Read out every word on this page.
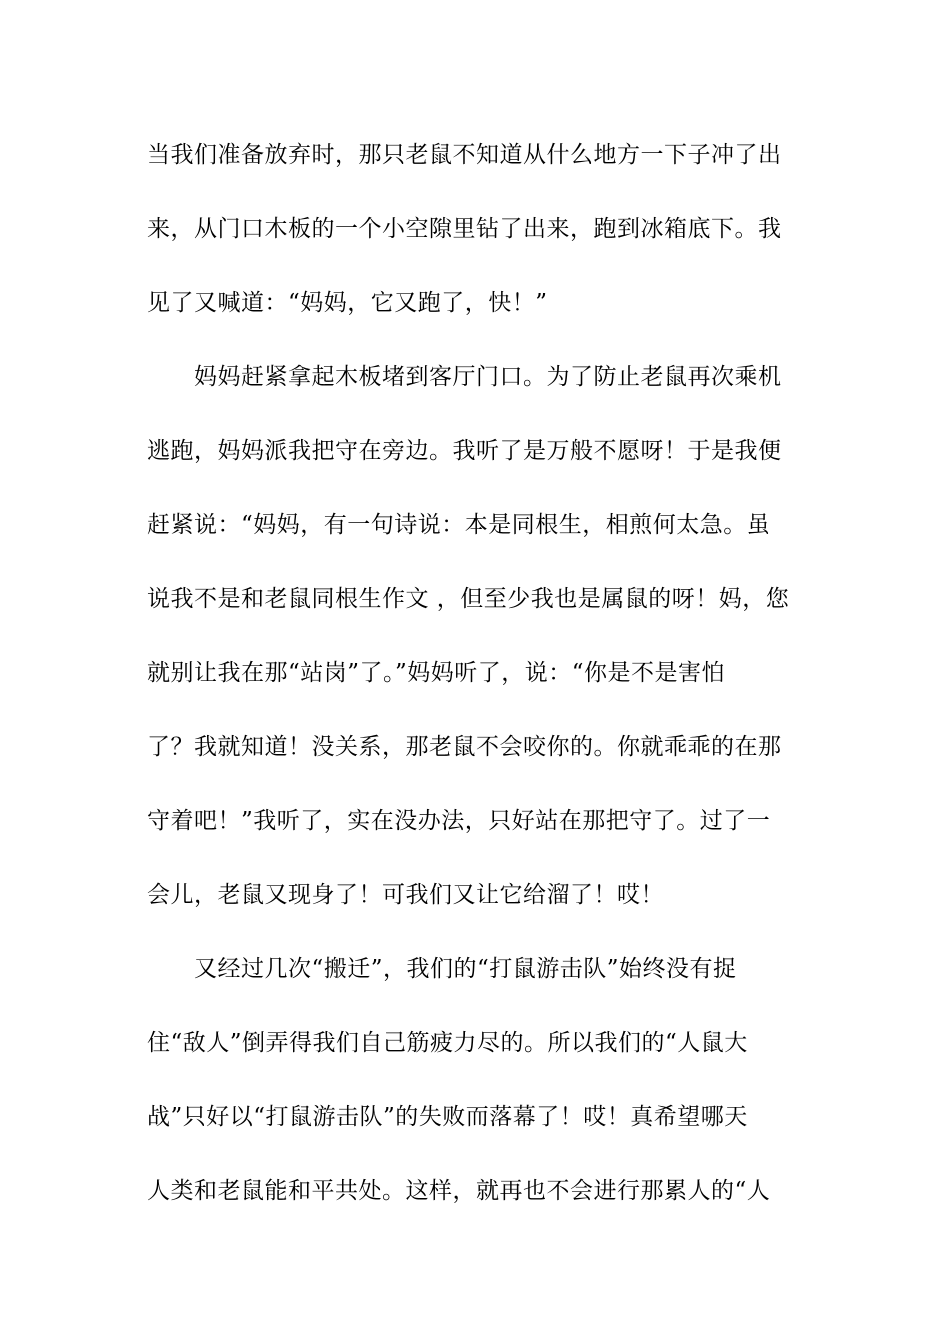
当我们准备放弃时，那只老鼠不知道从什么地方一下子冲了出
来，从门口木板的一个小空隙里钻了出来，跑到冰箱底下。我
见了又喊道：“妈妈，它又跑了，快！”
妈妈赶紧拿起木板堵到客厅门口。为了防止老鼠再次乘机
逃跑，妈妈派我把守在旁边。我听了是万般不愿呀！于是我便
赶紧说：“妈妈，有一句诗说：本是同根生，相煎何太急。虽
说我不是和老鼠同根生作文 ，但至少我也是属鼠的呀！妈，您
就别让我在那“站岗”了。”妈妈听了，说：“你是不是害怕
了？我就知道！没关系，那老鼠不会咬你的。你就乖乖的在那
守着吧！”我听了，实在没办法，只好站在那把守了。过了一
会儿，老鼠又现身了！可我们又让它给溜了！哎！
又经过几次“搬迁”，我们的“打鼠游击队”始终没有捉
住“敌人”倒弄得我们自己筋疲力尽的。所以我们的“人鼠大
战”只好以“打鼠游击队”的失败而落幕了！哎！真希望哪天
人类和老鼠能和平共处。这样，就再也不会进行那累人的“人
